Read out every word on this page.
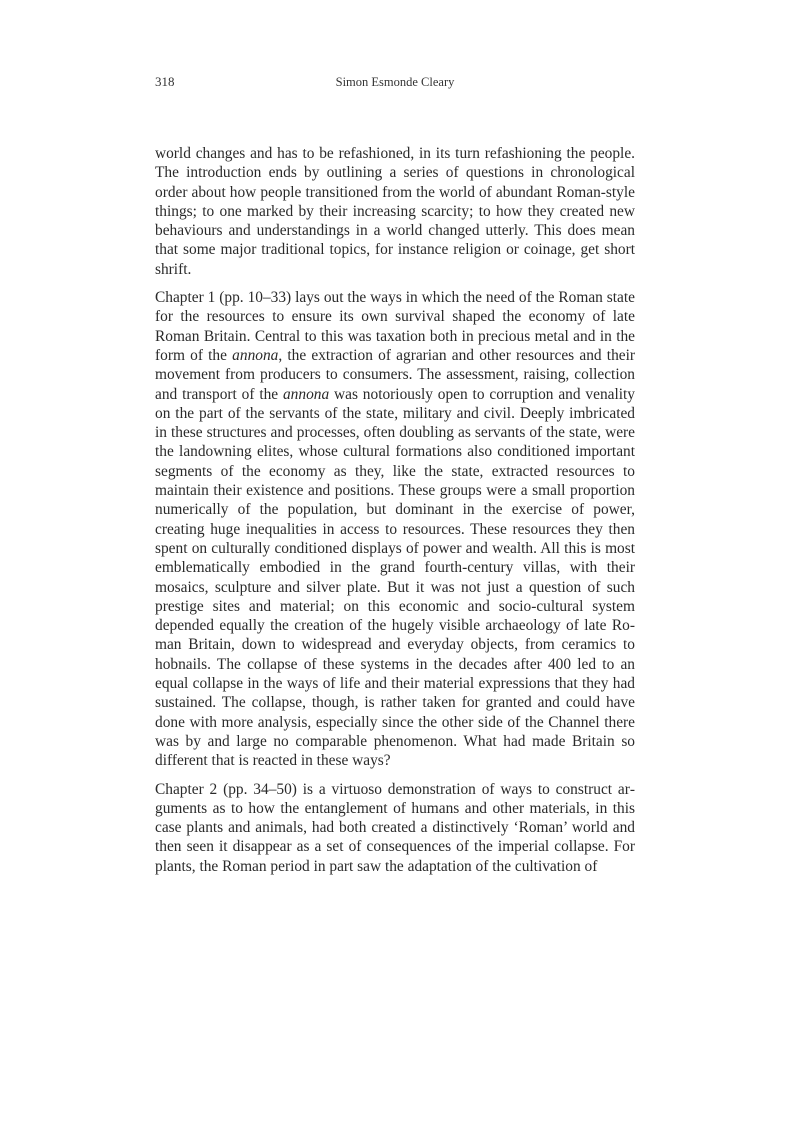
318	Simon Esmonde Cleary

world changes and has to be refashioned, in its turn refashioning the people. The introduction ends by outlining a series of questions in chronological order about how people transitioned from the world of abundant Roman-style things; to one marked by their increasing scarcity; to how they created new behaviours and understandings in a world changed utterly. This does mean that some major traditional topics, for instance religion or coinage, get short shrift.

Chapter 1 (pp. 10–33) lays out the ways in which the need of the Roman state for the resources to ensure its own survival shaped the economy of late Roman Britain. Central to this was taxation both in precious metal and in the form of the annona, the extraction of agrarian and other resources and their movement from producers to consumers. The assessment, raising, collection and transport of the annona was notoriously open to corruption and venality on the part of the servants of the state, military and civil. Deeply imbricated in these structures and processes, often doubling as servants of the state, were the landowning elites, whose cultural formations also conditioned important segments of the economy as they, like the state, extracted resources to maintain their existence and positions. These groups were a small proportion numerically of the population, but dominant in the exercise of power, creating huge inequalities in access to resources. These resources they then spent on culturally conditioned displays of power and wealth. All this is most emblematically embodied in the grand fourth-century villas, with their mosaics, sculpture and silver plate. But it was not just a question of such prestige sites and material; on this economic and socio-cultural system depended equally the creation of the hugely visible archaeology of late Roman Britain, down to widespread and everyday objects, from ceramics to hobnails. The collapse of these systems in the decades after 400 led to an equal collapse in the ways of life and their material expressions that they had sustained. The collapse, though, is rather taken for granted and could have done with more analysis, especially since the other side of the Channel there was by and large no comparable phenomenon. What had made Britain so different that is reacted in these ways?

Chapter 2 (pp. 34–50) is a virtuoso demonstration of ways to construct arguments as to how the entanglement of humans and other materials, in this case plants and animals, had both created a distinctively ‘Roman’ world and then seen it disappear as a set of consequences of the imperial collapse. For plants, the Roman period in part saw the adaptation of the cultivation of
